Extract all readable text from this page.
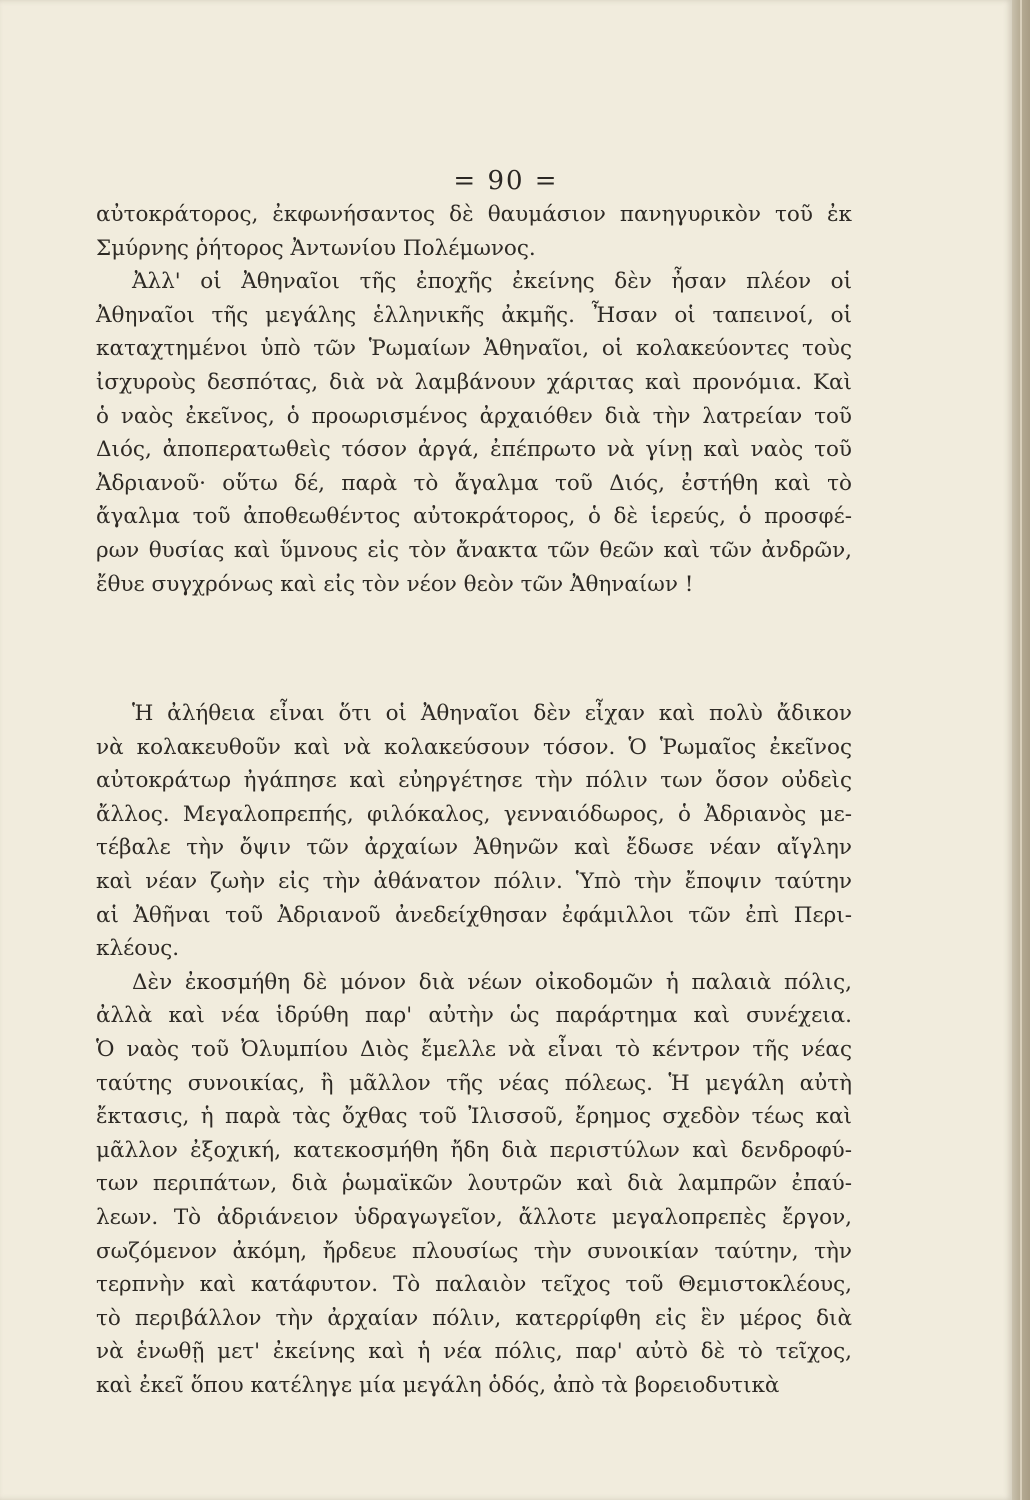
= 90 =

αὐτοκράτορος, ἐκφωνήσαντος δὲ θαυμάσιον πανηγυρικὸν τοῦ ἐκ
Σμύρνης ῥήτορος Ἀντωνίου Πολέμωνος.

Ἀλλ' οἱ Ἀθηναῖοι τῆς ἐποχῆς ἐκείνης δὲν ἦσαν πλέον οἱ
Ἀθηναῖοι τῆς μεγάλης ἑλληνικῆς ἀκμῆς. Ἦσαν οἱ ταπεινοί, οἱ
καταχτημένοι ὑπὸ τῶν Ῥωμαίων Ἀθηναῖοι, οἱ κολακεύοντες τοὺς
ἰσχυροὺς δεσπότας, διὰ νὰ λαμβάνουν χάριτας καὶ προνόμια. Καὶ
ὁ ναὸς ἐκεῖνος, ὁ προωρισμένος ἀρχαιόθεν διὰ τὴν λατρείαν τοῦ
Διός, ἀποπερατωθεὶς τόσον ἀργά, ἐπέπρωτο νὰ γίνῃ καὶ ναὸς τοῦ
Ἀδριανοῦ· οὕτω δέ, παρὰ τὸ ἄγαλμα τοῦ Διός, ἐστήθη καὶ τὸ
ἄγαλμα τοῦ ἀποθεωθέντος αὐτοκράτορος, ὁ δὲ ἱερεύς, ὁ προσφέ-
ρων θυσίας καὶ ὕμνους εἰς τὸν ἄνακτα τῶν θεῶν καὶ τῶν ἀνδρῶν,
ἔθυε συγχρόνως καὶ εἰς τὸν νέον θεὸν τῶν Ἀθηναίων !

Ἡ ἀλήθεια εἶναι ὅτι οἱ Ἀθηναῖοι δὲν εἶχαν καὶ πολὺ ἄδικον
νὰ κολακευθοῦν καὶ νὰ κολακεύσουν τόσον. Ὁ Ῥωμαῖος ἐκεῖνος
αὐτοκράτωρ ἠγάπησε καὶ εὐηργέτησε τὴν πόλιν των ὅσον οὐδεὶς
ἄλλος. Μεγαλοπρεπής, φιλόκαλος, γενναιόδωρος, ὁ Ἀδριανὸς με-
τέβαλε τὴν ὄψιν τῶν ἀρχαίων Ἀθηνῶν καὶ ἔδωσε νέαν αἴγλην
καὶ νέαν ζωὴν εἰς τὴν ἀθάνατον πόλιν. Ὑπὸ τὴν ἔποψιν ταύτην
αἱ Ἀθῆναι τοῦ Ἀδριανοῦ ἀνεδείχθησαν ἐφάμιλλοι τῶν ἐπὶ Περι-
κλέους.

Δὲν ἐκοσμήθη δὲ μόνον διὰ νέων οἰκοδομῶν ἡ παλαιὰ πόλις,
ἀλλὰ καὶ νέα ἱδρύθη παρ' αὐτὴν ὡς παράρτημα καὶ συνέχεια.
Ὁ ναὸς τοῦ Ὀλυμπίου Διὸς ἔμελλε νὰ εἶναι τὸ κέντρον τῆς νέας
ταύτης συνοικίας, ἢ μᾶλλον τῆς νέας πόλεως. Ἡ μεγάλη αὐτὴ
ἔκτασις, ἡ παρὰ τὰς ὄχθας τοῦ Ἰλισσοῦ, ἔρημος σχεδὸν τέως καὶ
μᾶλλον ἐξοχική, κατεκοσμήθη ἤδη διὰ περιστύλων καὶ δενδροφύ-
των περιπάτων, διὰ ῥωμαϊκῶν λουτρῶν καὶ διὰ λαμπρῶν ἐπαύ-
λεων. Τὸ ἀδριάνειον ὑδραγωγεῖον, ἄλλοτε μεγαλοπρεπὲς ἔργον,
σωζόμενον ἀκόμη, ἤρδευε πλουσίως τὴν συνοικίαν ταύτην, τὴν
τερπνὴν καὶ κατάφυτον. Τὸ παλαιὸν τεῖχος τοῦ Θεμιστοκλέους,
τὸ περιβάλλον τὴν ἀρχαίαν πόλιν, κατερρίφθη εἰς ἓν μέρος διὰ
νὰ ἑνωθῇ μετ' ἐκείνης καὶ ἡ νέα πόλις, παρ' αὐτὸ δὲ τὸ τεῖχος,
καὶ ἐκεῖ ὅπου κατέληγε μία μεγάλη ὁδός, ἀπὸ τὰ βορειοδυτικὰ
